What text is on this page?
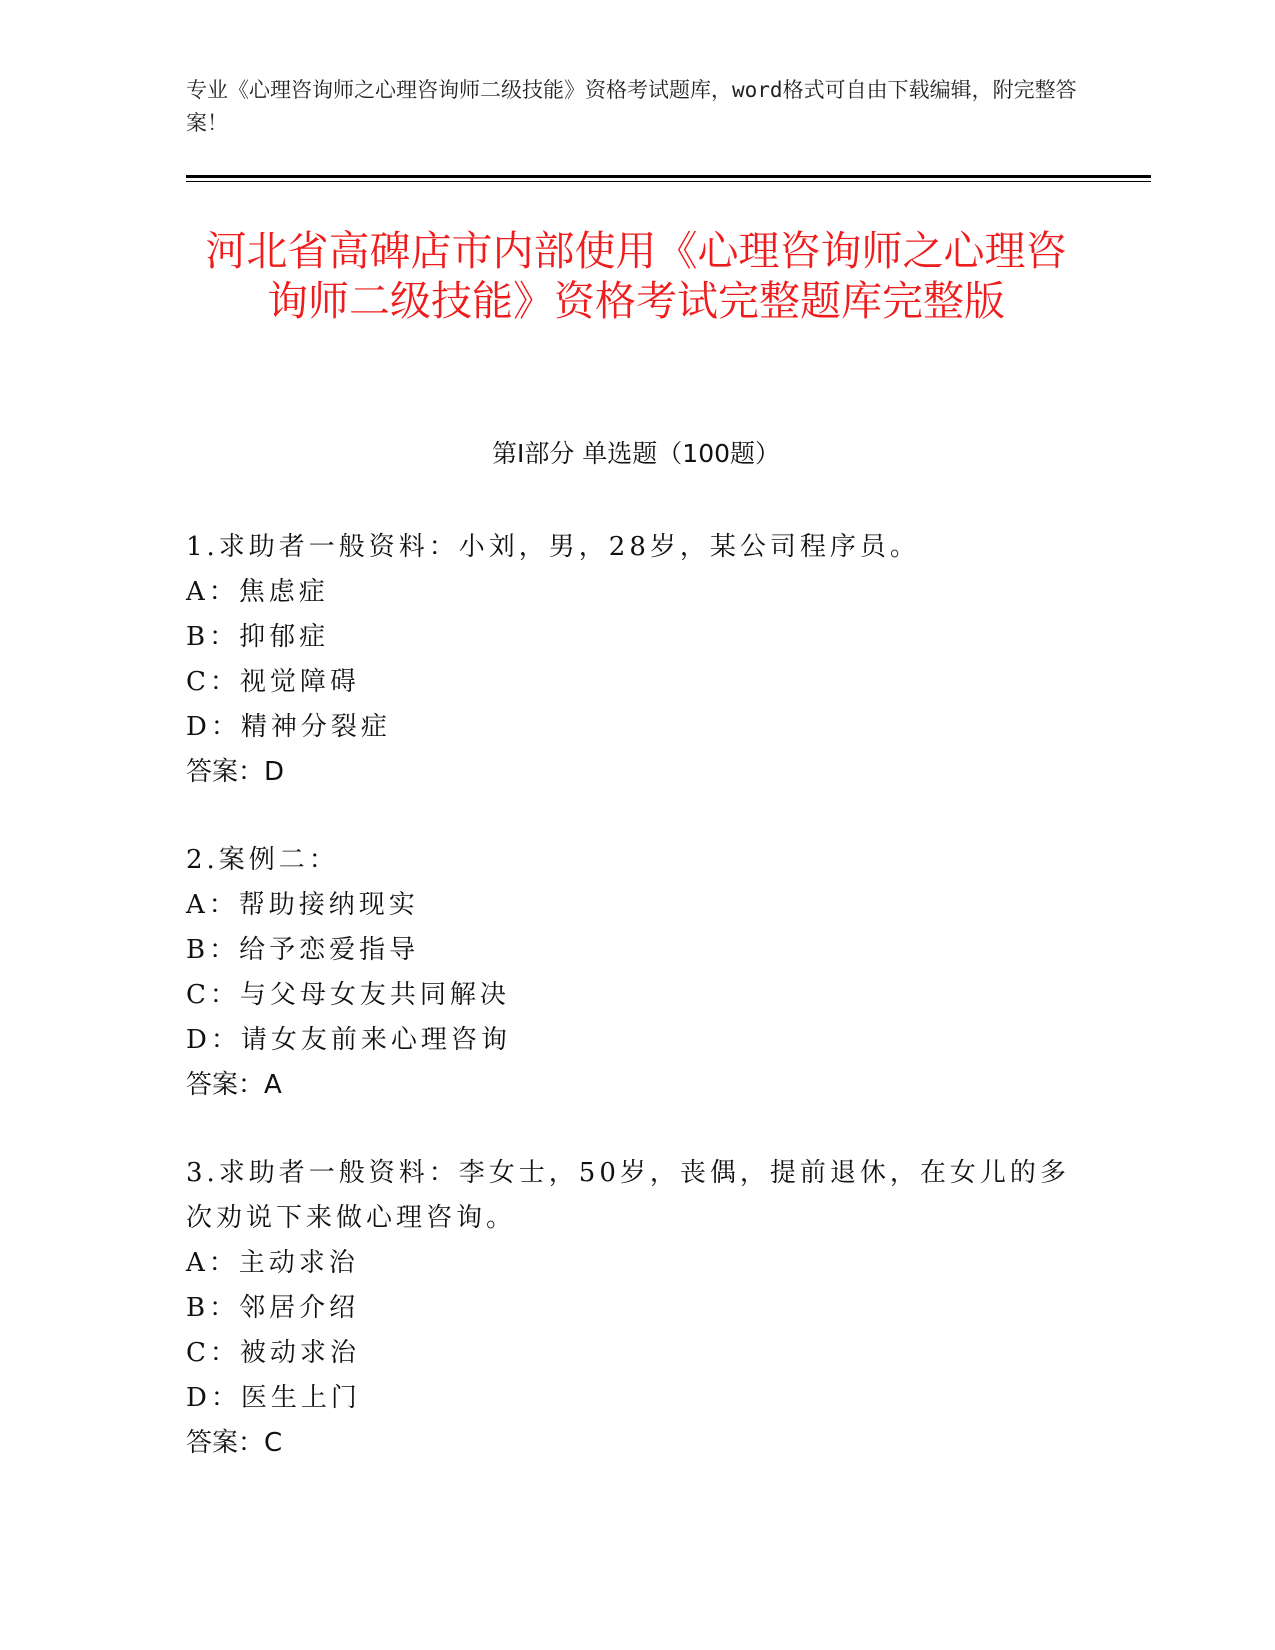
专业《心理咨询师之心理咨询师二级技能》资格考试题库，word格式可自由下载编辑，附完整答案！
河北省高碑店市内部使用《心理咨询师之心理咨询师二级技能》资格考试完整题库完整版
第Ⅰ部分 单选题（100题）
1.求助者一般资料：小刘，男，28岁，某公司程序员。
A：焦虑症
B：抑郁症
C：视觉障碍
D：精神分裂症
答案：D
2.案例二：
A：帮助接纳现实
B：给予恋爱指导
C：与父母女友共同解决
D：请女友前来心理咨询
答案：A
3.求助者一般资料：李女士，50岁，丧偶，提前退休，在女儿的多次劝说下来做心理咨询。
A：主动求治
B：邻居介绍
C：被动求治
D：医生上门
答案：C
